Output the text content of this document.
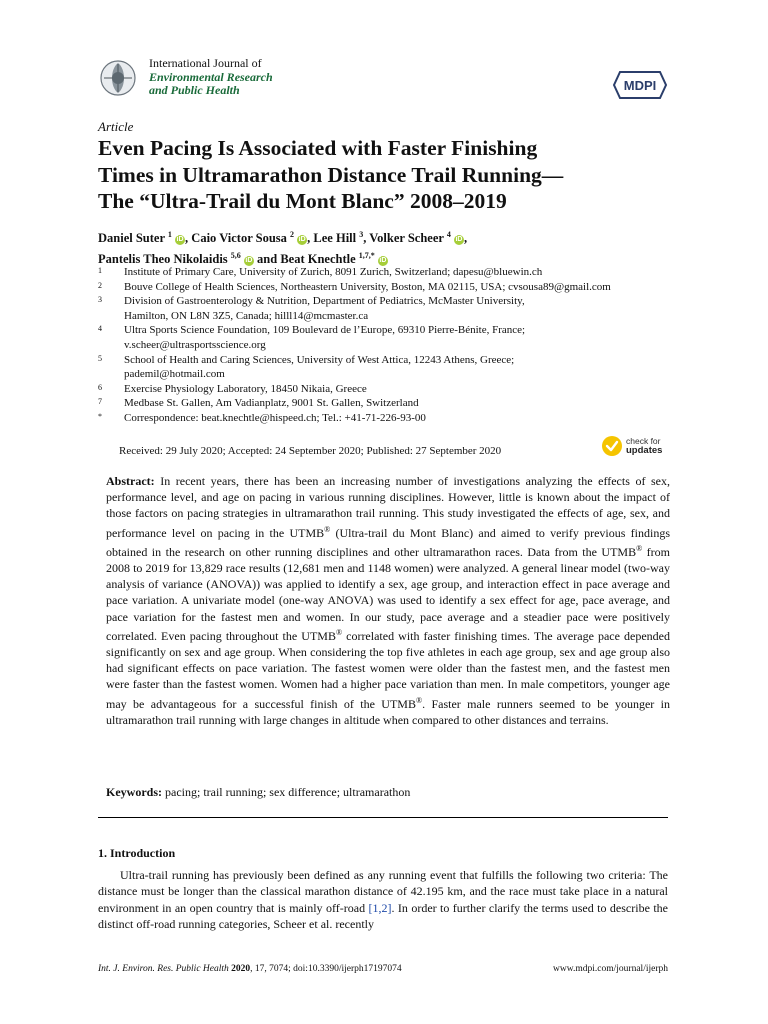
International Journal of
Environmental Research
and Public Health	MDPI
Article
Even Pacing Is Associated with Faster Finishing
Times in Ultramarathon Distance Trail Running—
The “Ultra-Trail du Mont Blanc” 2008–2019
Daniel Suter $^1$ iD , Caio Victor Sousa $^2$ iD , Lee Hill $^3$, Volker Scheer $^4$ iD ,
Pantelis Theo Nikolaidis $^{5,6}$ iD and Beat Knechtle $^{1,7,*}$ iD
1	Institute of Primary Care, University of Zurich, 8091 Zurich, Switzerland; dapesu@bluewin.ch
2	Bouve College of Health Sciences, Northeastern University, Boston, MA 02115, USA; cvsousa89@gmail.com
3	Division of Gastroenterology & Nutrition, Department of Pediatrics, McMaster University,
Hamilton, ON L8N 3Z5, Canada; hilll14@mcmaster.ca
4	Ultra Sports Science Foundation, 109 Boulevard de l’Europe, 69310 Pierre-Bénite, France;
v.scheer@ultrasportsscience.org
5	School of Health and Caring Sciences, University of West Attica, 12243 Athens, Greece;
pademil@hotmail.com
6	Exercise Physiology Laboratory, 18450 Nikaia, Greece
7	Medbase St. Gallen, Am Vadianplatz, 9001 St. Gallen, Switzerland
*	Correspondence: beat.knechtle@hispeed.ch; Tel.: +41-71-226-93-00
Received: 29 July 2020; Accepted: 24 September 2020; Published: 27 September 2020
check for
updates

Abstract: In recent years, there has been an increasing number of investigations analyzing the effects of sex, performance level, and age on pacing in various running disciplines. However, little is known about the impact of those factors on pacing strategies in ultramarathon trail running. This study investigated the effects of age, sex, and performance level on pacing in the UTMB® (Ultra-trail du Mont Blanc) and aimed to verify previous findings obtained in the research on other running disciplines and other ultramarathon races. Data from the UTMB® from 2008 to 2019 for 13,829 race results (12,681 men and 1148 women) were analyzed. A general linear model (two-way analysis of variance (ANOVA)) was applied to identify a sex, age group, and interaction effect in pace average and pace variation. A univariate model (one-way ANOVA) was used to identify a sex effect for age, pace average, and pace variation for the fastest men and women. In our study, pace average and a steadier pace were positively correlated. Even pacing throughout the UTMB® correlated with faster finishing times. The average pace depended significantly on sex and age group. When considering the top five athletes in each age group, sex and age group also had significant effects on pace variation. The fastest women were older than the fastest men, and the fastest men were faster than the fastest women. Women had a higher pace variation than men. In male competitors, younger age may be advantageous for a successful finish of the UTMB®. Faster male runners seemed to be younger in ultramarathon trail running with large changes in altitude when compared to other distances and terrains.

Keywords: pacing; trail running; sex difference; ultramarathon
1. Introduction

Ultra-trail running has previously been defined as any running event that fulfills the following two criteria: The distance must be longer than the classical marathon distance of 42.195 km, and the race must take place in a natural environment in an open country that is mainly off-road [1,2]. In order to further clarify the terms used to describe the distinct off-road running categories, Scheer et al. recently

Int. J. Environ. Res. Public Health 2020, 17, 7074; doi:10.3390/ijerph17197074	www.mdpi.com/journal/ijerph
